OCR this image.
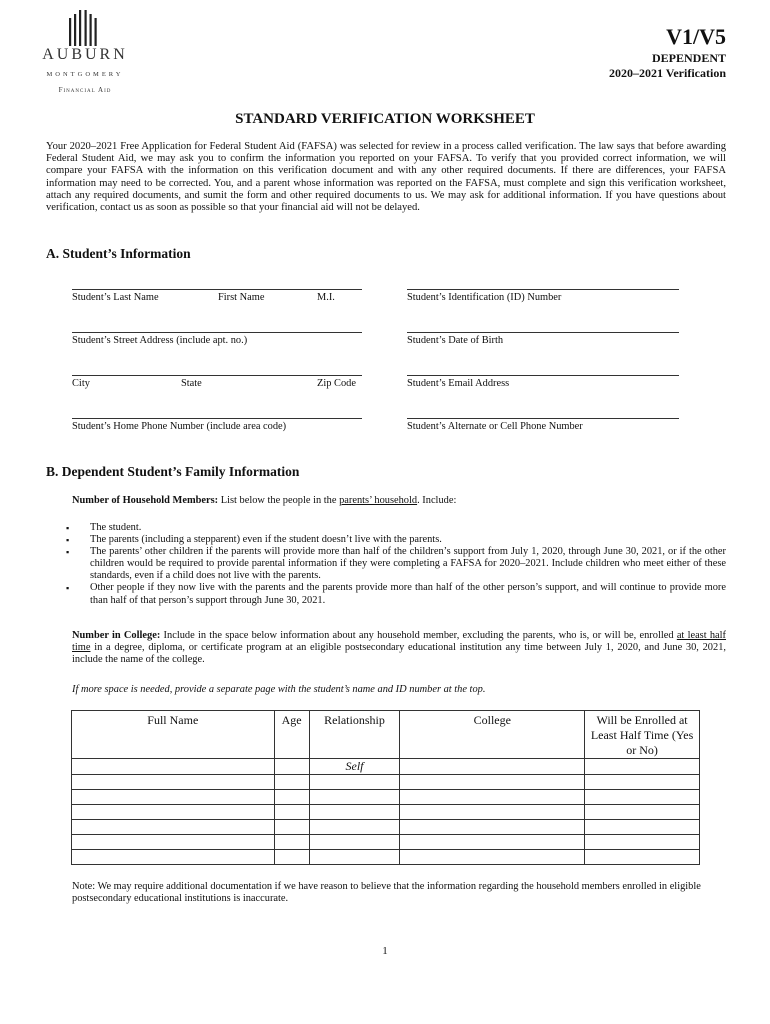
AUBURN
MONTGOMERY
Financial Aid
V1/V5
DEPENDENT
2020–2021 Verification
STANDARD VERIFICATION WORKSHEET
Your 2020–2021 Free Application for Federal Student Aid (FAFSA) was selected for review in a process called verification. The law says that before awarding Federal Student Aid, we may ask you to confirm the information you reported on your FAFSA. To verify that you provided correct information, we will compare your FAFSA with the information on this verification document and with any other required documents. If there are differences, your FAFSA information may need to be corrected. You, and a parent whose information was reported on the FAFSA, must complete and sign this verification worksheet, attach any required documents, and sumit the form and other required documents to us. We may ask for additional information. If you have questions about verification, contact us as soon as possible so that your financial aid will not be delayed.
A. Student’s Information
Student’s Last Name	First Name	M.I.	Student’s Identification (ID) Number
Student’s Street Address (include apt. no.)	Student’s Date of Birth
City	State	Zip Code	Student’s Email Address
Student’s Home Phone Number (include area code)	Student’s Alternate or Cell Phone Number
B. Dependent Student’s Family Information
Number of Household Members: List below the people in the parents’ household. Include:
▪ The student.
▪ The parents (including a stepparent) even if the student doesn’t live with the parents.
▪ The parents’ other children if the parents will provide more than half of the children’s support from July 1, 2020, through June 30, 2021, or if the other children would be required to provide parental information if they were completing a FAFSA for 2020–2021. Include children who meet either of these standards, even if a child does not live with the parents.
▪ Other people if they now live with the parents and the parents provide more than half of the other person’s support, and will continue to provide more than half of that person’s support through June 30, 2021.
Number in College: Include in the space below information about any household member, excluding the parents, who is, or will be, enrolled at least half time in a degree, diploma, or certificate program at an eligible postsecondary educational institution any time between July 1, 2020, and June 30, 2021, include the name of the college.
If more space is needed, provide a separate page with the student’s name and ID number at the top.
Full Name	Age	Relationship	College	Will be Enrolled at Least Half Time (Yes or No)
		Self		

Note: We may require additional documentation if we have reason to believe that the information regarding the household members enrolled in eligible postsecondary educational institutions is inaccurate.
1
